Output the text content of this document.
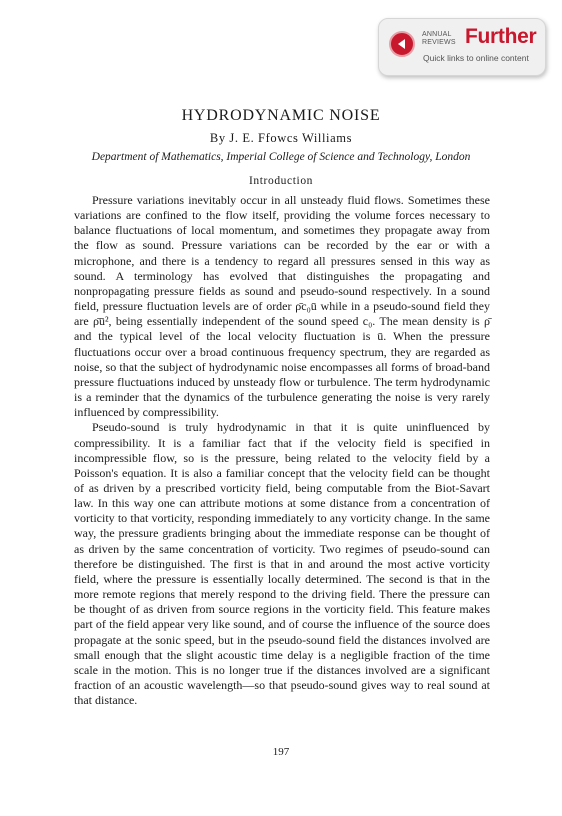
ANNUAL
REVIEWS Further
Quick links to online content
HYDRODYNAMIC NOISE
By J. E. Ffowcs Williams
Department of Mathematics, Imperial College of Science and Technology, London
Introduction

Pressure variations inevitably occur in all unsteady fluid flows. Sometimes these variations are confined to the flow itself, providing the volume forces necessary to balance fluctuations of local momentum, and sometimes they propagate away from the flow as sound. Pressure variations can be recorded by the ear or with a microphone, and there is a tendency to regard all pressures sensed in this way as sound. A terminology has evolved that distinguishes the propagating and nonpropagating pressure fields as sound and pseudo-sound respectively. In a sound field, pressure fluctuation levels are of order ρ̄c₀ū while in a pseudo-sound field they are ρ̄ū², being essentially independent of the sound speed c₀. The mean density is ρ̄ and the typical level of the local velocity fluctuation is ū. When the pressure fluctuations occur over a broad continuous frequency spectrum, they are regarded as noise, so that the subject of hydrodynamic noise encompasses all forms of broad-band pressure fluctuations induced by unsteady flow or turbulence. The term hydrodynamic is a reminder that the dynamics of the turbulence generating the noise is very rarely influenced by compressibility.

Pseudo-sound is truly hydrodynamic in that it is quite uninfluenced by compressibility. It is a familiar fact that if the velocity field is specified in incompressible flow, so is the pressure, being related to the velocity field by a Poisson's equation. It is also a familiar concept that the velocity field can be thought of as driven by a prescribed vorticity field, being computable from the Biot-Savart law. In this way one can attribute motions at some distance from a concentration of vorticity to that vorticity, responding immediately to any vorticity change. In the same way, the pressure gradients bringing about the immediate response can be thought of as driven by the same concentration of vorticity. Two regimes of pseudo-sound can therefore be distinguished. The first is that in and around the most active vorticity field, where the pressure is essentially locally determined. The second is that in the more remote regions that merely respond to the driving field. There the pressure can be thought of as driven from source regions in the vorticity field. This feature makes part of the field appear very like sound, and of course the influence of the source does propagate at the sonic speed, but in the pseudo-sound field the distances involved are small enough that the slight acoustic time delay is a negligible fraction of the time scale in the motion. This is no longer true if the distances involved are a significant fraction of an acoustic wavelength—so that pseudo-sound gives way to real sound at that distance.

197
